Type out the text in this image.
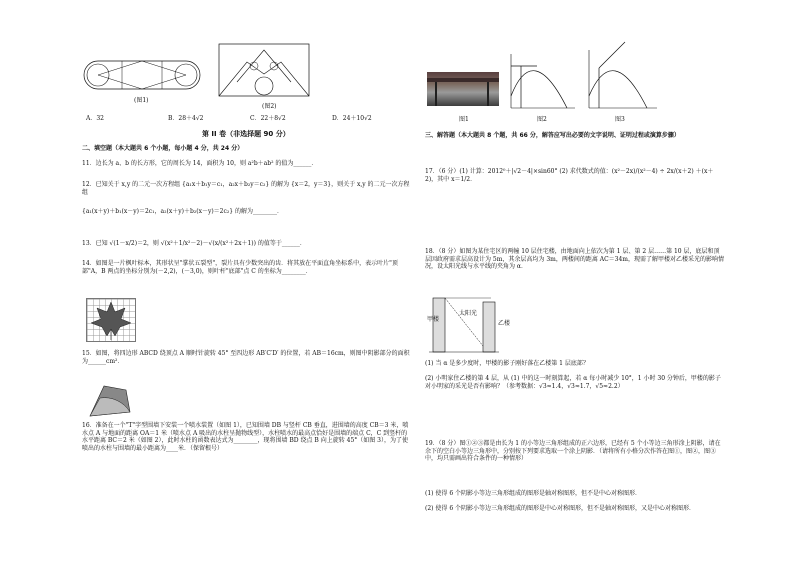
(图1)
(图2)
A．32	B．28＋4√2	C．22＋8√2	D．24＋10√2
第 II 卷（非选择题 90 分）
二、填空题（本大题共 6 个小题，每小题 4 分，共 24 分）
11．边长为 a、b 的长方形，它的周长为 14，面积为 10，则 a²b＋ab² 的值为______．
12．已知关于 x,y 的二元一次方程组 {a₁x＋b₁y＝c₁，a₂x＋b₂y＝c₂} 的解为 {x＝2，y＝3}，则关于 x,y 的二元一次方程组
{a₁(x＋y)＋b₁(x－y)＝2c₁，a₂(x＋y)＋b₂(x－y)＝2c₂} 的解为________．
13．已知 √(1－x/2)＝2，则 √(x²＋1/x²－2)－√(x/(x²＋2x＋1)) 的值等于______．
14．如图是一片枫叶标本，其形状呈"掌状五裂型"，裂片具有少数突出的齿．将其放在平面直角坐标系中，表示叶片"顶部"A，B 两点的坐标分别为(－2,2)，(－3,0)，则叶杆"底部"点 C 的坐标为________．
15．如图，将四边形 ABCD 绕顶点 A 顺时针旋转 45° 至四边形 AB′C′D′ 的位置，若 AB＝16cm，则图中阴影部分的面积为______cm²．
16．准备在一个"T"字型围墙下安装一个喷水装置（如图 1），已知围墙 DB 与竖杆 CB 垂直，进围墙的高度 CB＝3 米，喷水点 A 与地面的距离 OA＝1 米（喷水点 A 吸出的水柱呈抛物线型），水柱喷水的最高点恰好是围墙的端点 C，C 到竖杆的水平距离 BC＝2 米（如图 2），此时水柱的函数表达式为________，现将围墙 BD 绕点 B 向上旋转 45°（如图 3），为了使喷出的水柱与围墙的最小距离为____米．（保留根号）
图1	图2	图3
三、解答题（本大题共 8 个题，共 66 分，解答应写出必要的文字说明、证明过程或演算步骤）
17．（6 分）(1) 计算：2012⁰＋|√2－4|×sin60° (2) 求代数式的值：(x²－2x)/(x²－4) ÷ 2x/(x＋2) ＋(x＋2)，其中 x＝1/2．
18．（8 分）如图为某住宅区的两幢 10 层住宅楼，由地面向上依次为第 1 层、第 2 层……第 10 层，底层和顶层因政府需求层高设计为 5m，其余层高均为 3m，两楼间的距离 AC＝34m，现需了解甲楼对乙楼采光的影响情况，设太阳光线与水平线的夹角为 α．
甲楼
乙楼
太阳光
(1) 当 α 是多少度时，甲楼的影子刚好落在乙楼第 1 层底部？
(2) 小明家住乙楼的第 4 层，从 (1) 中的这一时刻算起，若 α 每小时减少 10°，1 小时 30 分钟后，甲楼的影子对小明家的采光是否有影响？（参考数据：√3≈1.4，√3≈1.7，√5≈2.2）
19．（8 分）图①②③都是由长为 1 的小等边三角形组成的正六边形，已经有 5 个小等边三角形涂上阴影，请在余下的空白小等边三角形中，分别按下列要求选取一个涂上阴影．（请将所有小格分次作答在图①，图②，图③中，均只需画出符合条件的一种情形）
(1) 使得 6 个阴影小等边三角形组成的图形是轴对称图形，但不是中心对称图形．
(2) 使得 6 个阴影小等边三角形组成的图形是中心对称图形，但不是轴对称图形，又是中心对称图形．
